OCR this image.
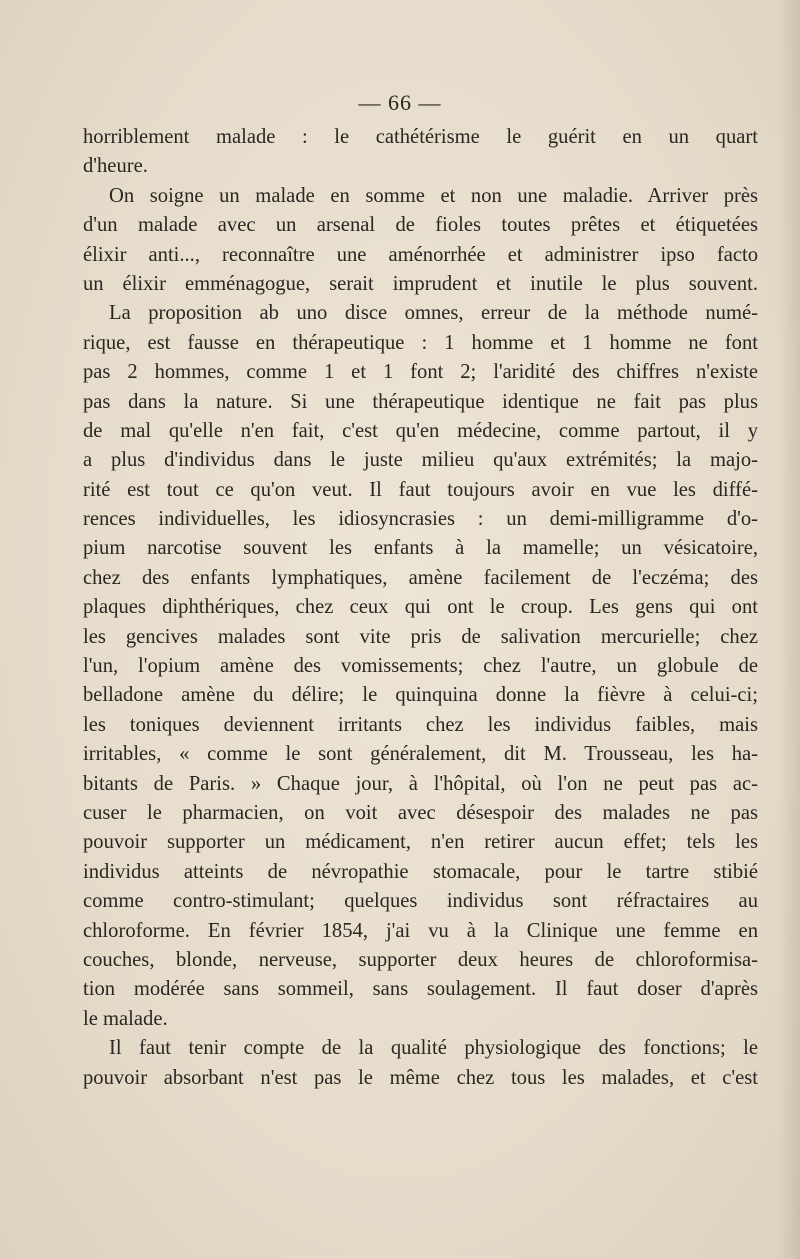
— 66 —
horriblement malade : le cathétérisme le guérit en un quart
d'heure.
On soigne un malade en somme et non une maladie. Arriver près
d'un malade avec un arsenal de fioles toutes prêtes et étiquetées
élixir anti..., reconnaître une aménorrhée et administrer ipso facto
un élixir emménagogue, serait imprudent et inutile le plus souvent.
La proposition ab uno disce omnes, erreur de la méthode numé-
rique, est fausse en thérapeutique : 1 homme et 1 homme ne font
pas 2 hommes, comme 1 et 1 font 2; l'aridité des chiffres n'existe
pas dans la nature. Si une thérapeutique identique ne fait pas plus
de mal qu'elle n'en fait, c'est qu'en médecine, comme partout, il y
a plus d'individus dans le juste milieu qu'aux extrémités; la majo-
rité est tout ce qu'on veut. Il faut toujours avoir en vue les diffé-
rences individuelles, les idiosyncrasies : un demi-milligramme d'o-
pium narcotise souvent les enfants à la mamelle; un vésicatoire,
chez des enfants lymphatiques, amène facilement de l'eczéma; des
plaques diphthériques, chez ceux qui ont le croup. Les gens qui ont
les gencives malades sont vite pris de salivation mercurielle; chez
l'un, l'opium amène des vomissements; chez l'autre, un globule de
belladone amène du délire; le quinquina donne la fièvre à celui-ci;
les toniques deviennent irritants chez les individus faibles, mais
irritables, « comme le sont généralement, dit M. Trousseau, les ha-
bitants de Paris. » Chaque jour, à l'hôpital, où l'on ne peut pas ac-
cuser le pharmacien, on voit avec désespoir des malades ne pas
pouvoir supporter un médicament, n'en retirer aucun effet; tels les
individus atteints de névropathie stomacale, pour le tartre stibié
comme contro-stimulant; quelques individus sont réfractaires au
chloroforme. En février 1854, j'ai vu à la Clinique une femme en
couches, blonde, nerveuse, supporter deux heures de chloroformisa-
tion modérée sans sommeil, sans soulagement. Il faut doser d'après
le malade.
Il faut tenir compte de la qualité physiologique des fonctions; le
pouvoir absorbant n'est pas le même chez tous les malades, et c'est
